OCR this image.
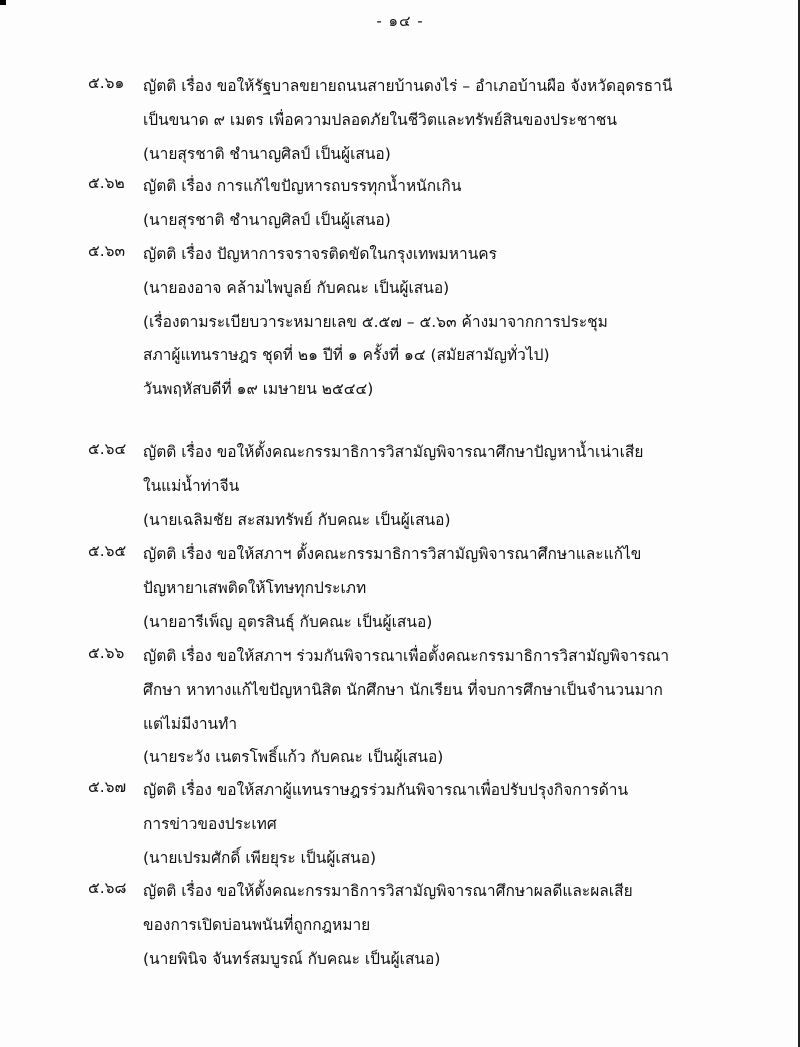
- ๑๔ -
๕.๖๑	ญัตติ เรื่อง ขอให้รัฐบาลขยายถนนสายบ้านดงไร่ – อำเภอบ้านผือ จังหวัดอุดรธานี
เป็นขนาด ๙ เมตร เพื่อความปลอดภัยในชีวิตและทรัพย์สินของประชาชน
(นายสุรชาติ ชำนาญศิลป์ เป็นผู้เสนอ)
๕.๖๒	ญัตติ เรื่อง การแก้ไขปัญหารถบรรทุกน้ำหนักเกิน
(นายสุรชาติ ชำนาญศิลป์ เป็นผู้เสนอ)
๕.๖๓	ญัตติ เรื่อง ปัญหาการจราจรติดขัดในกรุงเทพมหานคร
(นายองอาจ คล้ามไพบูลย์ กับคณะ เป็นผู้เสนอ)
(เรื่องตามระเบียบวาระหมายเลข ๕.๕๗ – ๕.๖๓ ค้างมาจากการประชุม
สภาผู้แทนราษฎร ชุดที่ ๒๑ ปีที่ ๑ ครั้งที่ ๑๔ (สมัยสามัญทั่วไป)
วันพฤหัสบดีที่ ๑๙ เมษายน ๒๕๔๔)
๕.๖๔	ญัตติ เรื่อง ขอให้ตั้งคณะกรรมาธิการวิสามัญพิจารณาศึกษาปัญหาน้ำเน่าเสีย
ในแม่น้ำท่าจีน
(นายเฉลิมชัย สะสมทรัพย์ กับคณะ เป็นผู้เสนอ)
๕.๖๕	ญัตติ เรื่อง ขอให้สภาฯ ตั้งคณะกรรมาธิการวิสามัญพิจารณาศึกษาและแก้ไข
ปัญหายาเสพติดให้โทษทุกประเภท
(นายอารีเพ็ญ อุตรสินธุ์ กับคณะ เป็นผู้เสนอ)
๕.๖๖	ญัตติ เรื่อง ขอให้สภาฯ ร่วมกันพิจารณาเพื่อตั้งคณะกรรมาธิการวิสามัญพิจารณา
ศึกษา หาทางแก้ไขปัญหานิสิต นักศึกษา นักเรียน ที่จบการศึกษาเป็นจำนวนมาก
แต่ไม่มีงานทำ
(นายระวัง เนตรโพธิ์แก้ว กับคณะ เป็นผู้เสนอ)
๕.๖๗	ญัตติ เรื่อง ขอให้สภาผู้แทนราษฎรร่วมกันพิจารณาเพื่อปรับปรุงกิจการด้าน
การข่าวของประเทศ
(นายเปรมศักดิ์ เพียยุระ เป็นผู้เสนอ)
๕.๖๘	ญัตติ เรื่อง ขอให้ตั้งคณะกรรมาธิการวิสามัญพิจารณาศึกษาผลดีและผลเสีย
ของการเปิดบ่อนพนันที่ถูกกฎหมาย
(นายพินิจ จันทร์สมบูรณ์ กับคณะ เป็นผู้เสนอ)
